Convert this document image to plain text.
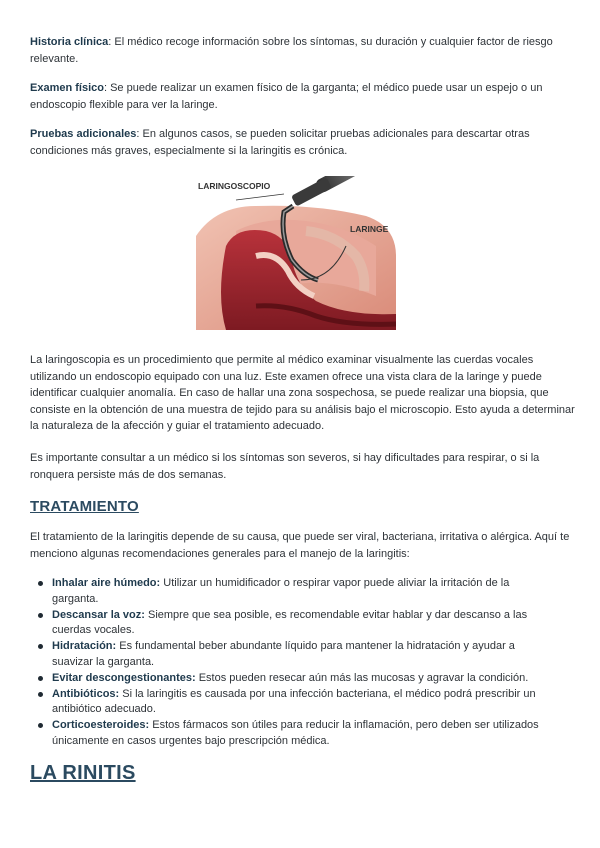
Historia clínica: El médico recoge información sobre los síntomas, su duración y cualquier factor de riesgo relevante.

Examen físico: Se puede realizar un examen físico de la garganta; el médico puede usar un espejo o un endoscopio flexible para ver la laringe.

Pruebas adicionales: En algunos casos, se pueden solicitar pruebas adicionales para descartar otras condiciones más graves, especialmente si la laringitis es crónica.

LARINGOSCOPIO
LARINGE

La laringoscopia es un procedimiento que permite al médico examinar visualmente las cuerdas vocales utilizando un endoscopio equipado con una luz. Este examen ofrece una vista clara de la laringe y puede identificar cualquier anomalía. En caso de hallar una zona sospechosa, se puede realizar una biopsia, que consiste en la obtención de una muestra de tejido para su análisis bajo el microscopio. Esto ayuda a determinar la naturaleza de la afección y guiar el tratamiento adecuado.

Es importante consultar a un médico si los síntomas son severos, si hay dificultades para respirar, o si la ronquera persiste más de dos semanas.

TRATAMIENTO

El tratamiento de la laringitis depende de su causa, que puede ser viral, bacteriana, irritativa o alérgica. Aquí te menciono algunas recomendaciones generales para el manejo de la laringitis:

Inhalar aire húmedo: Utilizar un humidificador o respirar vapor puede aliviar la irritación de la garganta.
Descansar la voz: Siempre que sea posible, es recomendable evitar hablar y dar descanso a las cuerdas vocales.
Hidratación: Es fundamental beber abundante líquido para mantener la hidratación y ayudar a suavizar la garganta.
Evitar descongestionantes: Estos pueden resecar aún más las mucosas y agravar la condición.
Antibióticos: Si la laringitis es causada por una infección bacteriana, el médico podrá prescribir un antibiótico adecuado.
Corticoesteroides: Estos fármacos son útiles para reducir la inflamación, pero deben ser utilizados únicamente en casos urgentes bajo prescripción médica.
LA RINITIS
